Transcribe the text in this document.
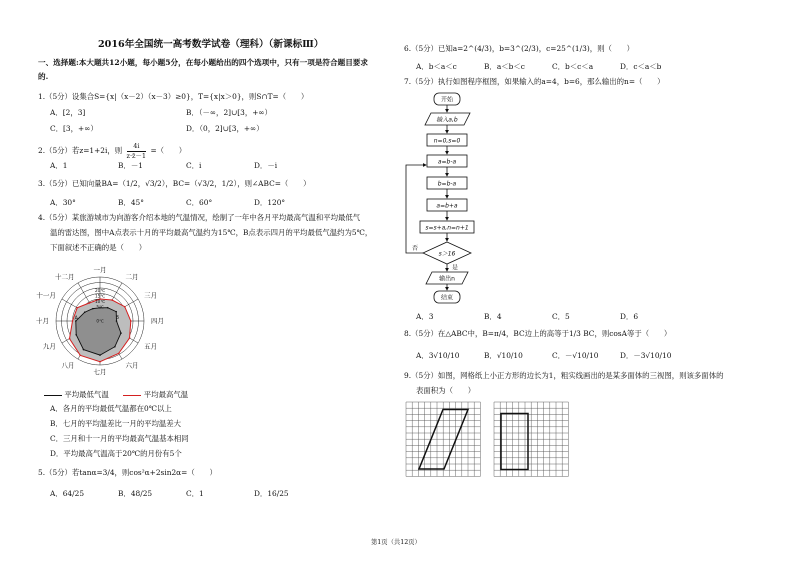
2016年全国统一高考数学试卷（理科）（新课标Ⅲ）
一、选择题:本大题共12小题，每小题5分，在每小题给出的四个选项中，只有一项是符合题目要求
的.
1.（5分）设集合S={x|（x－2）（x－3）≥0}，T={x|x＞0}，则S∩T=（　　）
A．[2，3]	B．（－∞，2]∪[3，+∞）
C．[3，+∞）	D．（0，2]∪[3，+∞）
2.（5分）若z=1+2i，则 $\frac{4i}{z\cdot z̄-1}$ =（　　）
A．1	B．－1	C．i	D．－i
3.（5分）已知向量BA=（1/2，√3/2），BC=（√3/2，1/2），则∠ABC=（　　）
A．30°	B．45°	C．60°	D．120°
4.（5分）某旅游城市为向游客介绍本地的气温情况，绘制了一年中各月平均最高气温和平均最低气
温的雷达图，图中A点表示十月的平均最高气温约为15℃，B点表示四月的平均最低气温约为5℃，
下面叙述不正确的是（　　）
20℃
15℃
10℃
5℃
0℃
A	B
一月
二月
三月
四月
五月
六月
七月
八月
九月
十月
十一月
十二月
平均最低气温	平均最高气温
A．各月的平均最低气温都在0℃以上
B．七月的平均温差比一月的平均温差大
C．三月和十一月的平均最高气温基本相同
D．平均最高气温高于20℃的月份有5个
5.（5分）若tanα=3/4，则cos²α+2sin2α=（　　）
A．64/25	B．48/25	C．1	D．16/25
6.（5分）已知a=2^(4/3)，b=3^(2/3)，c=25^(1/3)，则（　　）
A．b＜a＜c	B．a＜b＜c	C．b＜c＜a	D．c＜a＜b
7.（5分）执行如图程序框图，如果输入的a=4，b=6，那么输出的n=（　　）
开始
输入a,b
n=0,s=0
a=b-a
b=b-a
a=b+a
s=s+a,n=n+1
s＞16
否
是
输出n
结束
A．3	B．4	C．5	D．6
8.（5分）在△ABC中，B=π/4，BC边上的高等于1/3 BC，则cosA等于（　　）
A．3√10/10	B．√10/10	C．－√10/10	D．－3√10/10
9.（5分）如图，网格纸上小正方形的边长为1，粗实线画出的是某多面体的三视图，则该多面体的
表面积为（　　）
第1页（共12页）
